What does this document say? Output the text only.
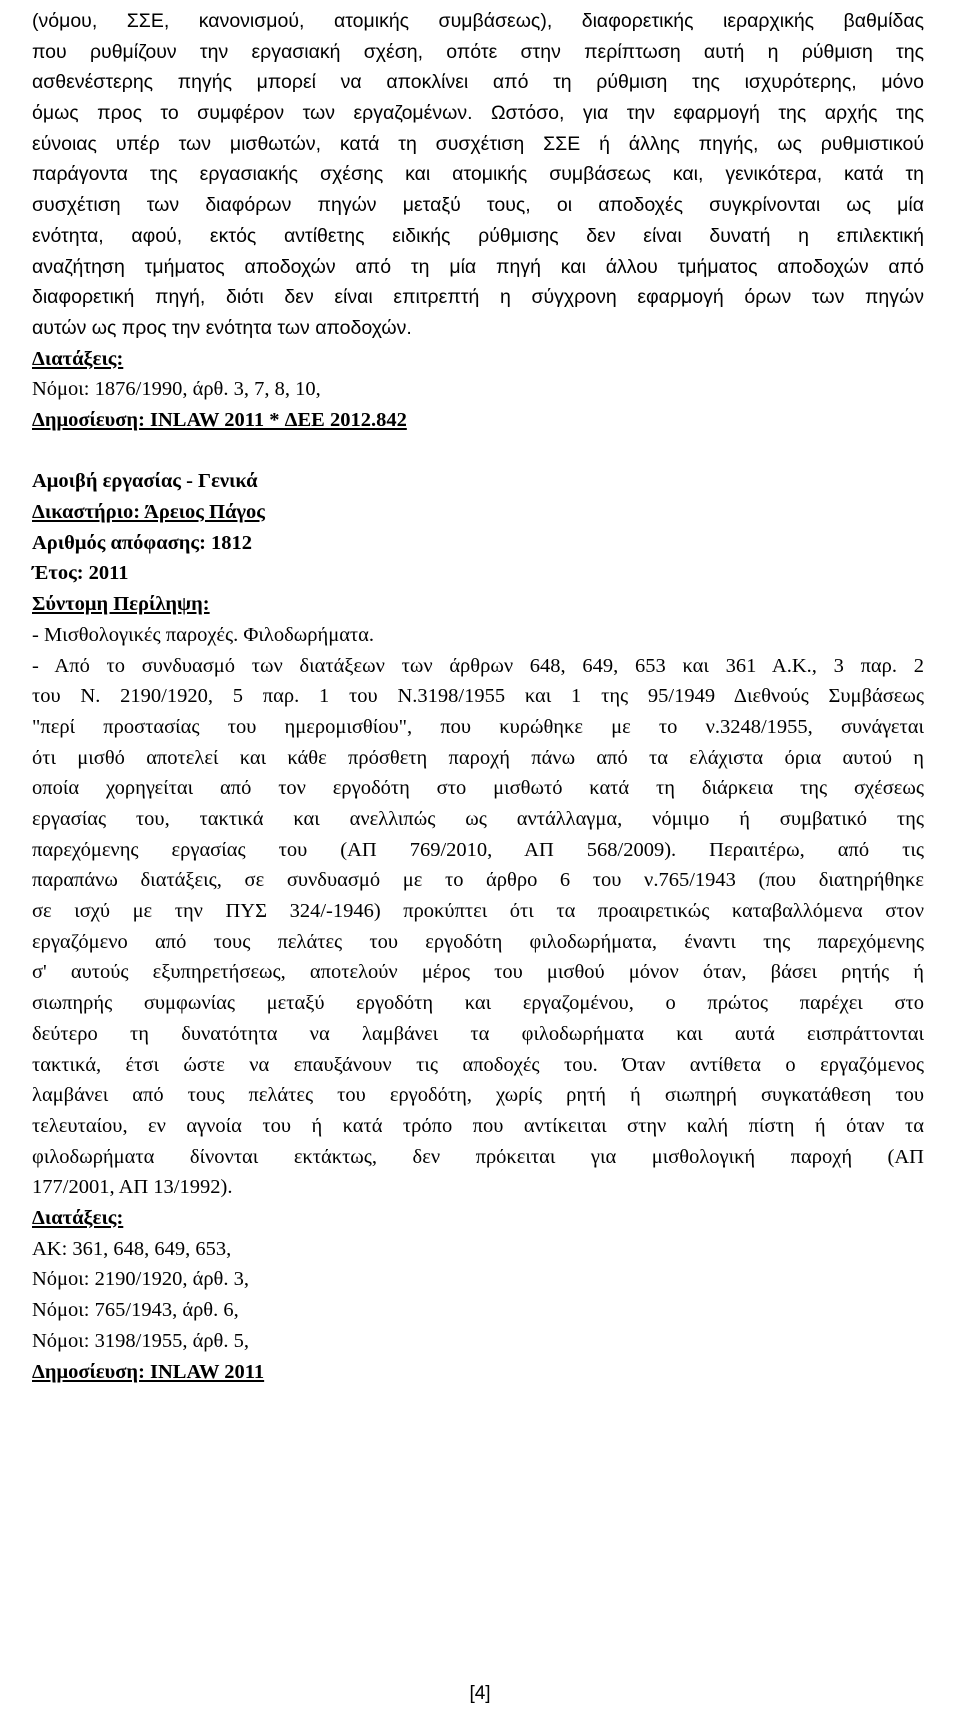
(νόμου, ΣΣΕ, κανονισμού, ατομικής συμβάσεως), διαφορετικής ιεραρχικής βαθμίδας
που ρυθμίζουν την εργασιακή σχέση, οπότε στην περίπτωση αυτή η ρύθμιση της
ασθενέστερης πηγής μπορεί να αποκλίνει από τη ρύθμιση της ισχυρότερης, μόνο
όμως προς το συμφέρον των εργαζομένων. Ωστόσο, για την εφαρμογή της αρχής της
εύνοιας υπέρ των μισθωτών, κατά τη συσχέτιση ΣΣΕ ή άλλης πηγής, ως ρυθμιστικού
παράγοντα της εργασιακής σχέσης και ατομικής συμβάσεως και, γενικότερα, κατά τη
συσχέτιση των διαφόρων πηγών μεταξύ τους, οι αποδοχές συγκρίνονται ως μία
ενότητα, αφού, εκτός αντίθετης ειδικής ρύθμισης δεν είναι δυνατή η επιλεκτική
αναζήτηση τμήματος αποδοχών από τη μία πηγή και άλλου τμήματος αποδοχών από
διαφορετική πηγή, διότι δεν είναι επιτρεπτή η σύγχρονη εφαρμογή όρων των πηγών
αυτών ως προς την ενότητα των αποδοχών.
Διατάξεις:
Νόμοι: 1876/1990, άρθ. 3, 7, 8, 10,
Δημοσίευση: INLAW 2011 * ΔΕΕ 2012.842
Αμοιβή εργασίας - Γενικά
Δικαστήριο: Άρειος Πάγος
Αριθμός απόφασης: 1812
Έτος: 2011
Σύντομη Περίληψη:
- Μισθολογικές παροχές. Φιλοδωρήματα.
- Από το συνδυασμό των διατάξεων των άρθρων 648, 649, 653 και 361 Α.Κ., 3 παρ. 2
του Ν. 2190/1920, 5 παρ. 1 του Ν.3198/1955 και 1 της 95/1949 Διεθνούς Συμβάσεως
"περί προστασίας του ημερομισθίου", που κυρώθηκε με το ν.3248/1955, συνάγεται
ότι μισθό αποτελεί και κάθε πρόσθετη παροχή πάνω από τα ελάχιστα όρια αυτού η
οποία χορηγείται από τον εργοδότη στο μισθωτό κατά τη διάρκεια της σχέσεως
εργασίας του, τακτικά και ανελλιπώς ως αντάλλαγμα, νόμιμο ή συμβατικό της
παρεχόμενης εργασίας του (ΑΠ 769/2010, ΑΠ 568/2009). Περαιτέρω, από τις
παραπάνω διατάξεις, σε συνδυασμό με το άρθρο 6 του ν.765/1943 (που διατηρήθηκε
σε ισχύ με την ΠΥΣ 324/-1946) προκύπτει ότι τα προαιρετικώς καταβαλλόμενα στον
εργαζόμενο από τους πελάτες του εργοδότη φιλοδωρήματα, έναντι της παρεχόμενης
σ' αυτούς εξυπηρετήσεως, αποτελούν μέρος του μισθού μόνον όταν, βάσει ρητής ή
σιωπηρής συμφωνίας μεταξύ εργοδότη και εργαζομένου, ο πρώτος παρέχει στο
δεύτερο τη δυνατότητα να λαμβάνει τα φιλοδωρήματα και αυτά εισπράττονται
τακτικά, έτσι ώστε να επαυξάνουν τις αποδοχές του. Όταν αντίθετα ο εργαζόμενος
λαμβάνει από τους πελάτες του εργοδότη, χωρίς ρητή ή σιωπηρή συγκατάθεση του
τελευταίου, εν αγνοία του ή κατά τρόπο που αντίκειται στην καλή πίστη ή όταν τα
φιλοδωρήματα δίνονται εκτάκτως, δεν πρόκειται για μισθολογική παροχή (ΑΠ
177/2001, ΑΠ 13/1992).
Διατάξεις:
ΑΚ: 361, 648, 649, 653,
Νόμοι: 2190/1920, άρθ. 3,
Νόμοι: 765/1943, άρθ. 6,
Νόμοι: 3198/1955, άρθ. 5,
Δημοσίευση: INLAW 2011
[4]
